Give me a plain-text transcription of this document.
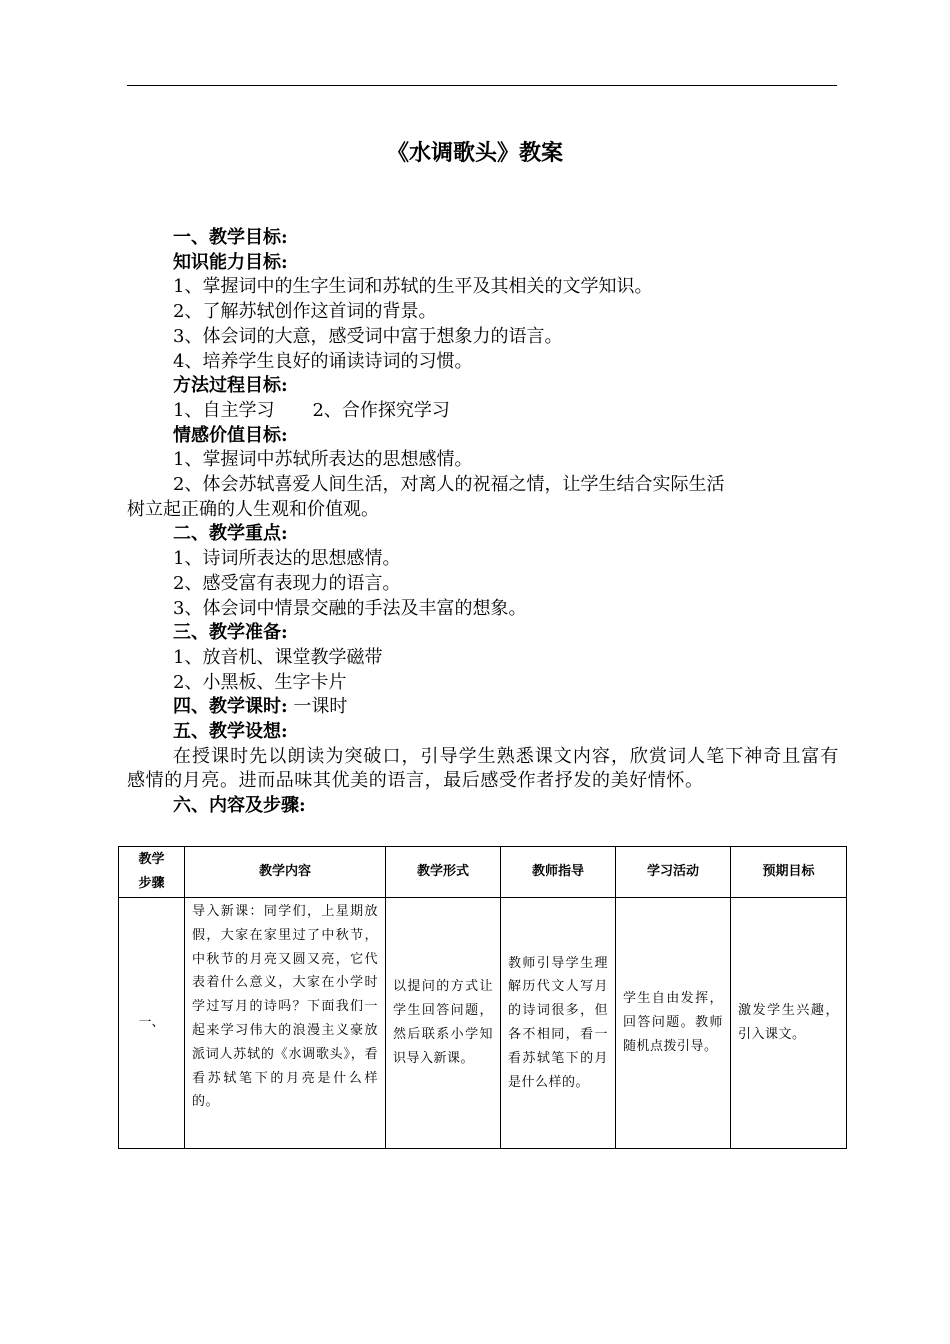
《水调歌头》教案
一、教学目标:
知识能力目标:
1、掌握词中的生字生词和苏轼的生平及其相关的文学知识。
2、了解苏轼创作这首词的背景。
3、体会词的大意，感受词中富于想象力的语言。
4、培养学生良好的诵读诗词的习惯。
方法过程目标:
1、自主学习 2、合作探究学习
情感价值目标:
1、掌握词中苏轼所表达的思想感情。
2、体会苏轼喜爱人间生活，对离人的祝福之情，让学生结合实际生活
树立起正确的人生观和价值观。
二、教学重点:
1、诗词所表达的思想感情。
2、感受富有表现力的语言。
3、体会词中情景交融的手法及丰富的想象。
三、教学准备:
1、放音机、课堂教学磁带
2、小黑板、生字卡片
四、教学课时: 一课时
五、教学设想:
在授课时先以朗读为突破口，引导学生熟悉课文内容，欣赏词人笔下神奇且富有感情的月亮。进而品味其优美的语言，最后感受作者抒发的美好情怀。
六、内容及步骤:
教学
步骤	教学内容	教学形式	教师指导	学习活动	预期目标
一、	导入新课：同学们，上星期放假，大家在家里过了中秋节，中秋节的月亮又圆又亮，它代表着什么意义，大家在小学时学过写月的诗吗？下面我们一起来学习伟大的浪漫主义豪放派词人苏轼的《水调歌头》，看看苏轼笔下的月亮是什么样的。	以提问的方式让学生回答问题，然后联系小学知识导入新课。	教师引导学生理解历代文人写月的诗词很多，但各不相同，看一看苏轼笔下的月是什么样的。	学生自由发挥，回答问题。教师随机点拨引导。	激发学生兴趣，引入课文。
